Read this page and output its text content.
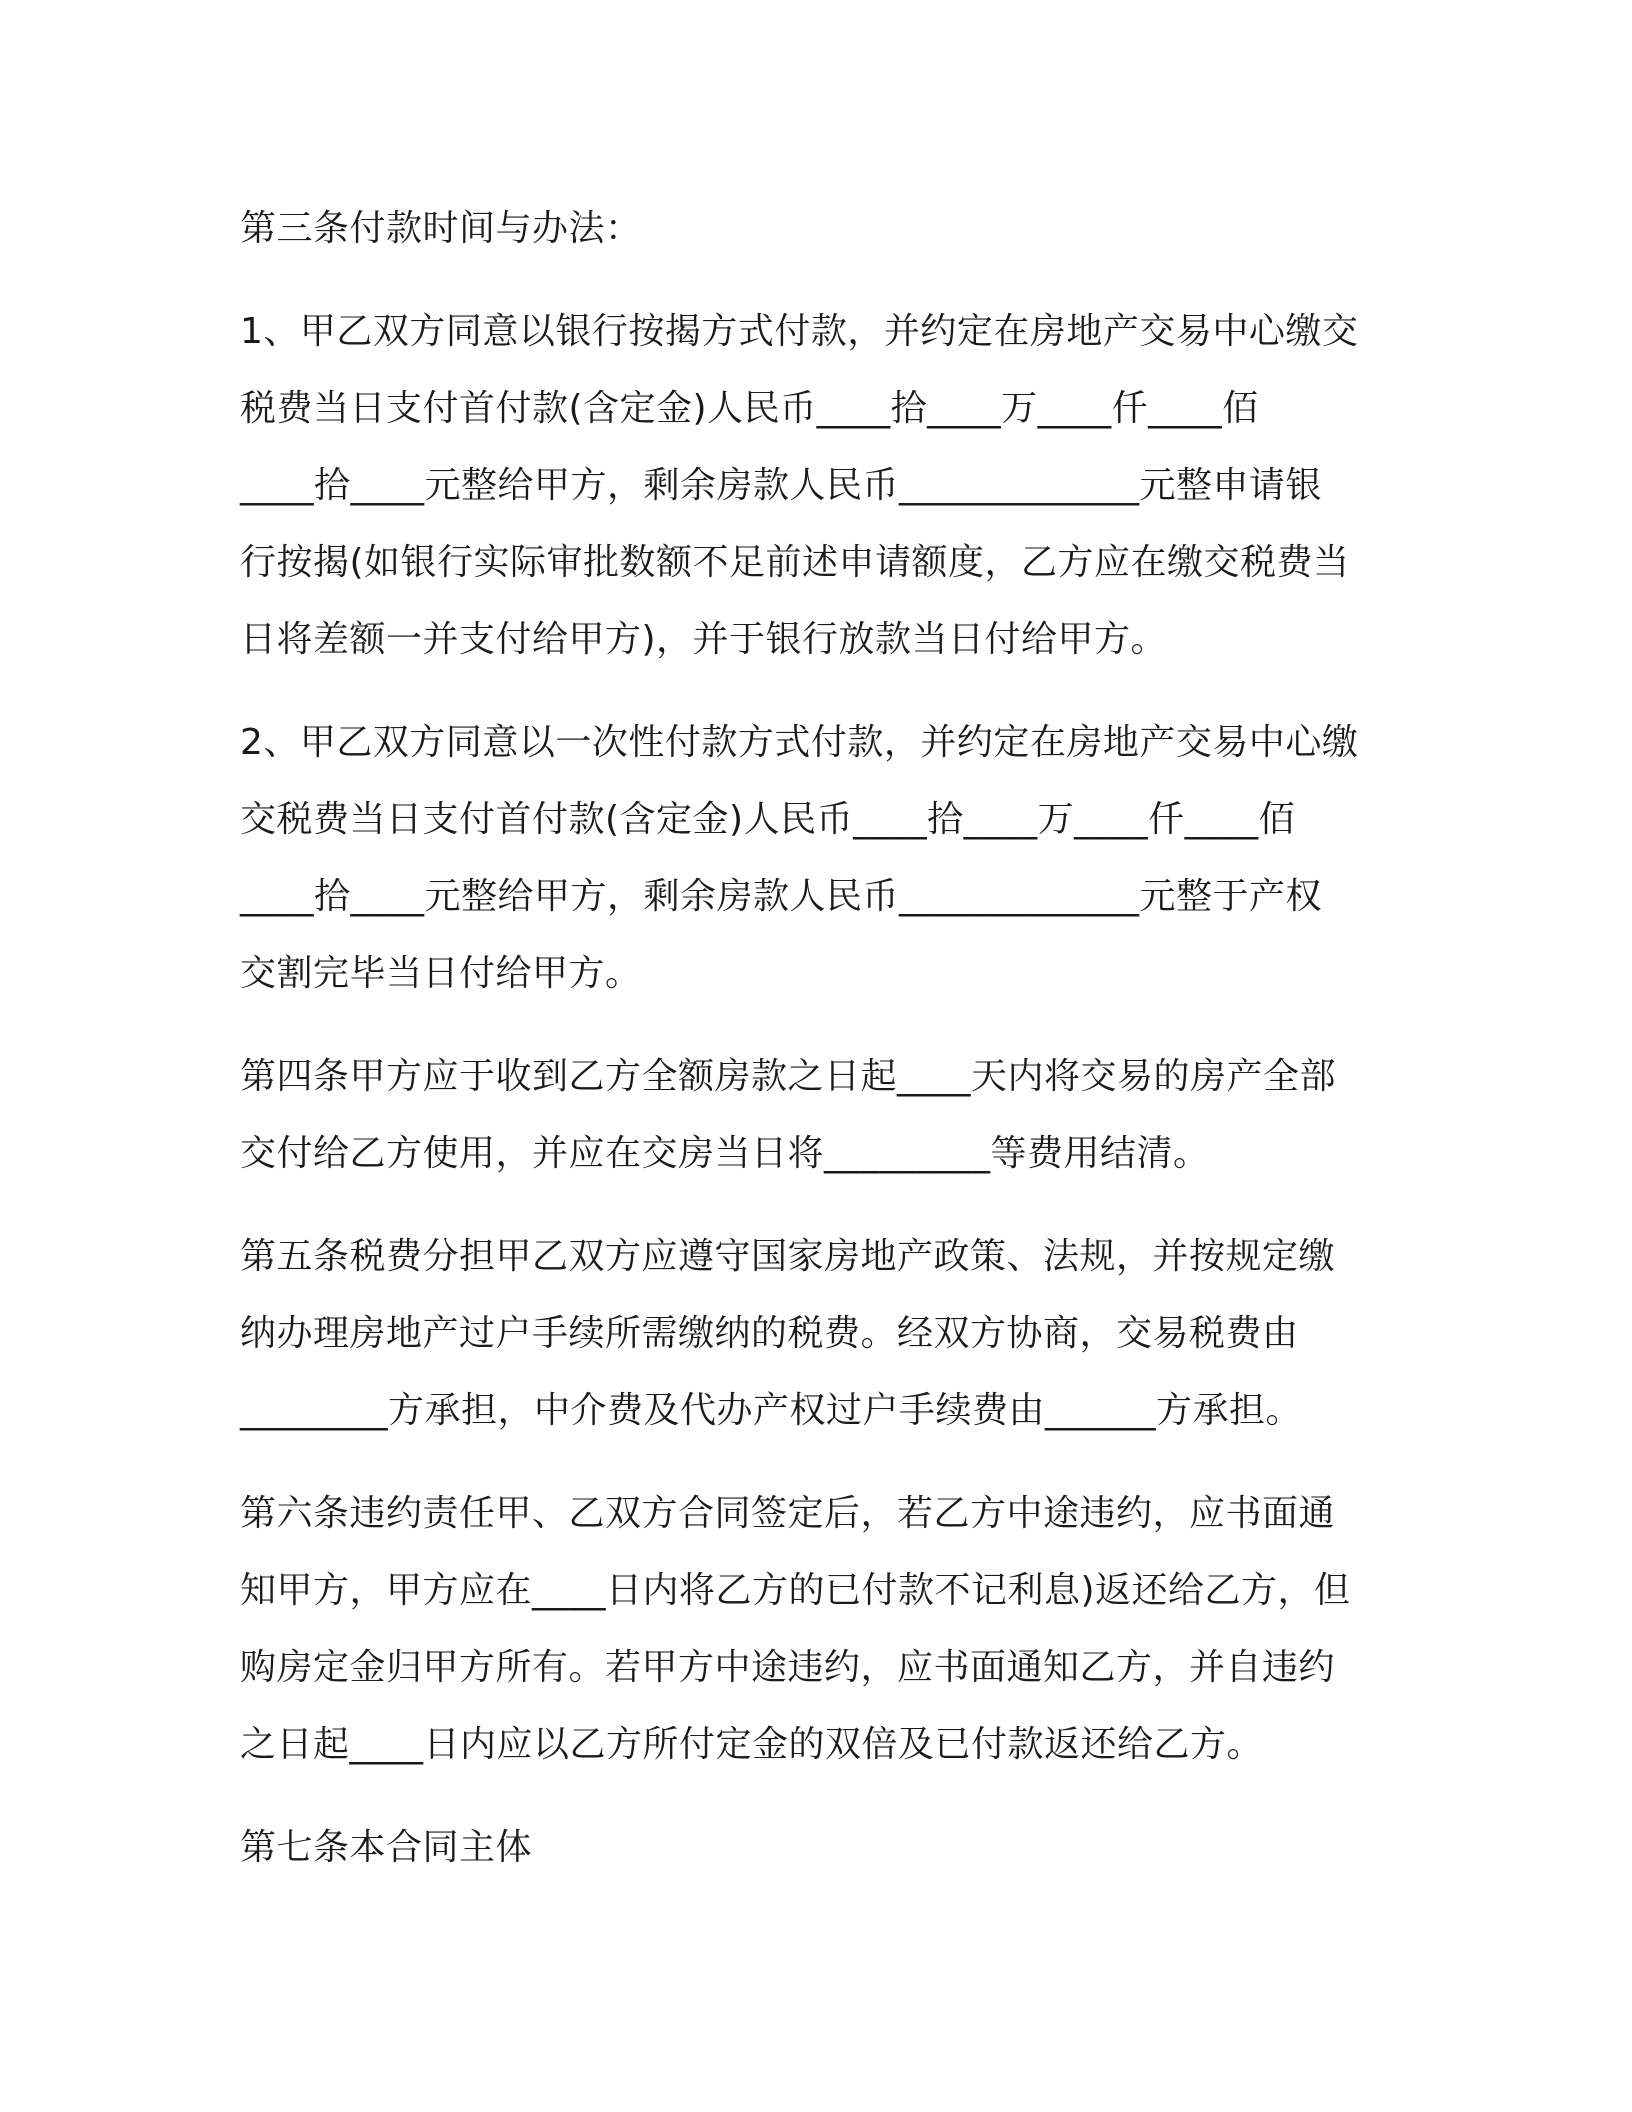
第三条付款时间与办法：
1、甲乙双方同意以银行按揭方式付款，并约定在房地产交易中心缴交
税费当日支付首付款(含定金)人民币____拾____万____仟____佰
____拾____元整给甲方，剩余房款人民币_____________元整申请银
行按揭(如银行实际审批数额不足前述申请额度，乙方应在缴交税费当
日将差额一并支付给甲方)，并于银行放款当日付给甲方。
2、甲乙双方同意以一次性付款方式付款，并约定在房地产交易中心缴
交税费当日支付首付款(含定金)人民币____拾____万____仟____佰
____拾____元整给甲方，剩余房款人民币_____________元整于产权
交割完毕当日付给甲方。
第四条甲方应于收到乙方全额房款之日起____天内将交易的房产全部
交付给乙方使用，并应在交房当日将_________等费用结清。
第五条税费分担甲乙双方应遵守国家房地产政策、法规，并按规定缴
纳办理房地产过户手续所需缴纳的税费。经双方协商，交易税费由
________方承担，中介费及代办产权过户手续费由______方承担。
第六条违约责任甲、乙双方合同签定后，若乙方中途违约，应书面通
知甲方，甲方应在____日内将乙方的已付款不记利息)返还给乙方，但
购房定金归甲方所有。若甲方中途违约，应书面通知乙方，并自违约
之日起____日内应以乙方所付定金的双倍及已付款返还给乙方。
第七条本合同主体
